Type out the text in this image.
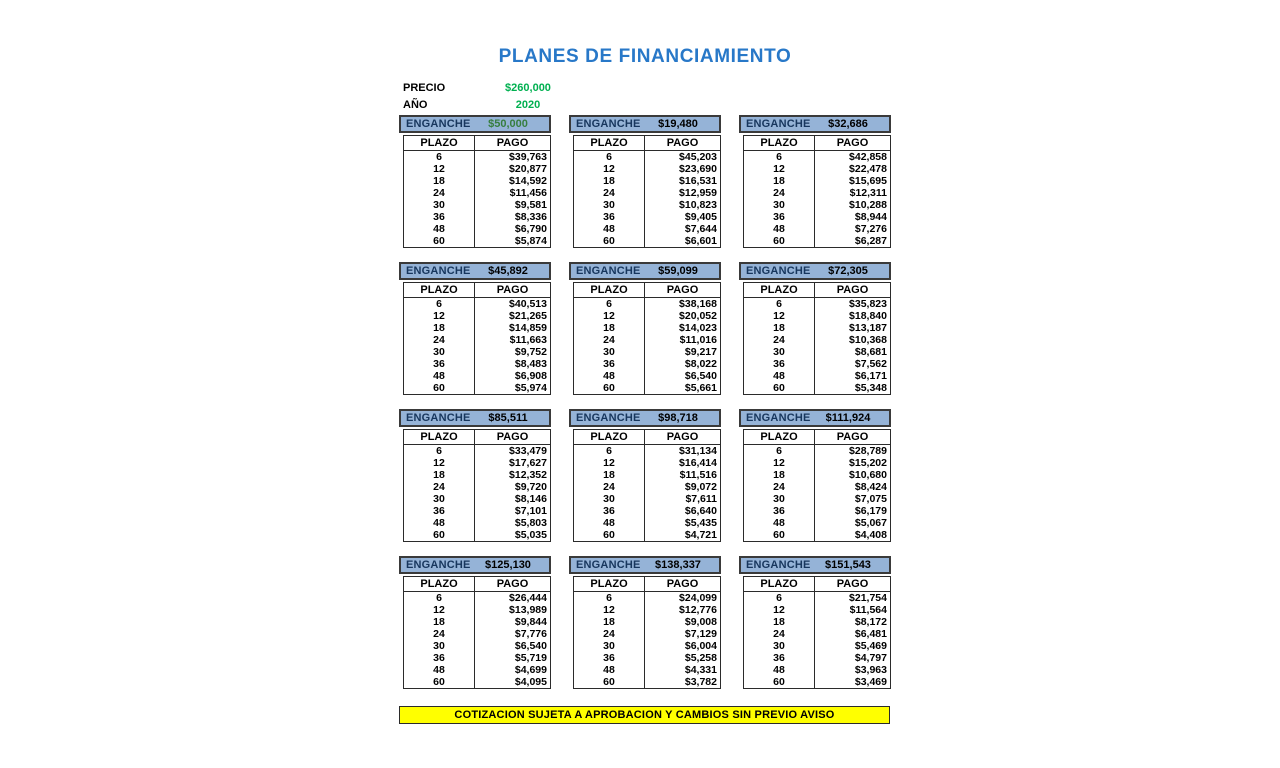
PLANES DE FINANCIAMIENTO
PRECIO	$260,000
AÑO	2020
ENGANCHE	$50,000
PLAZO	PAGO
6	$39,763
12	$20,877
18	$14,592
24	$11,456
30	$9,581
36	$8,336
48	$6,790
60	$5,874
ENGANCHE	$19,480
PLAZO	PAGO
6	$45,203
12	$23,690
18	$16,531
24	$12,959
30	$10,823
36	$9,405
48	$7,644
60	$6,601
ENGANCHE	$32,686
PLAZO	PAGO
6	$42,858
12	$22,478
18	$15,695
24	$12,311
30	$10,288
36	$8,944
48	$7,276
60	$6,287
ENGANCHE	$45,892
PLAZO	PAGO
6	$40,513
12	$21,265
18	$14,859
24	$11,663
30	$9,752
36	$8,483
48	$6,908
60	$5,974
ENGANCHE	$59,099
PLAZO	PAGO
6	$38,168
12	$20,052
18	$14,023
24	$11,016
30	$9,217
36	$8,022
48	$6,540
60	$5,661
ENGANCHE	$72,305
PLAZO	PAGO
6	$35,823
12	$18,840
18	$13,187
24	$10,368
30	$8,681
36	$7,562
48	$6,171
60	$5,348
ENGANCHE	$85,511
PLAZO	PAGO
6	$33,479
12	$17,627
18	$12,352
24	$9,720
30	$8,146
36	$7,101
48	$5,803
60	$5,035
ENGANCHE	$98,718
PLAZO	PAGO
6	$31,134
12	$16,414
18	$11,516
24	$9,072
30	$7,611
36	$6,640
48	$5,435
60	$4,721
ENGANCHE	$111,924
PLAZO	PAGO
6	$28,789
12	$15,202
18	$10,680
24	$8,424
30	$7,075
36	$6,179
48	$5,067
60	$4,408
ENGANCHE	$125,130
PLAZO	PAGO
6	$26,444
12	$13,989
18	$9,844
24	$7,776
30	$6,540
36	$5,719
48	$4,699
60	$4,095
ENGANCHE	$138,337
PLAZO	PAGO
6	$24,099
12	$12,776
18	$9,008
24	$7,129
30	$6,004
36	$5,258
48	$4,331
60	$3,782
ENGANCHE	$151,543
PLAZO	PAGO
6	$21,754
12	$11,564
18	$8,172
24	$6,481
30	$5,469
36	$4,797
48	$3,963
60	$3,469
COTIZACION SUJETA A APROBACION Y CAMBIOS SIN PREVIO AVISO
